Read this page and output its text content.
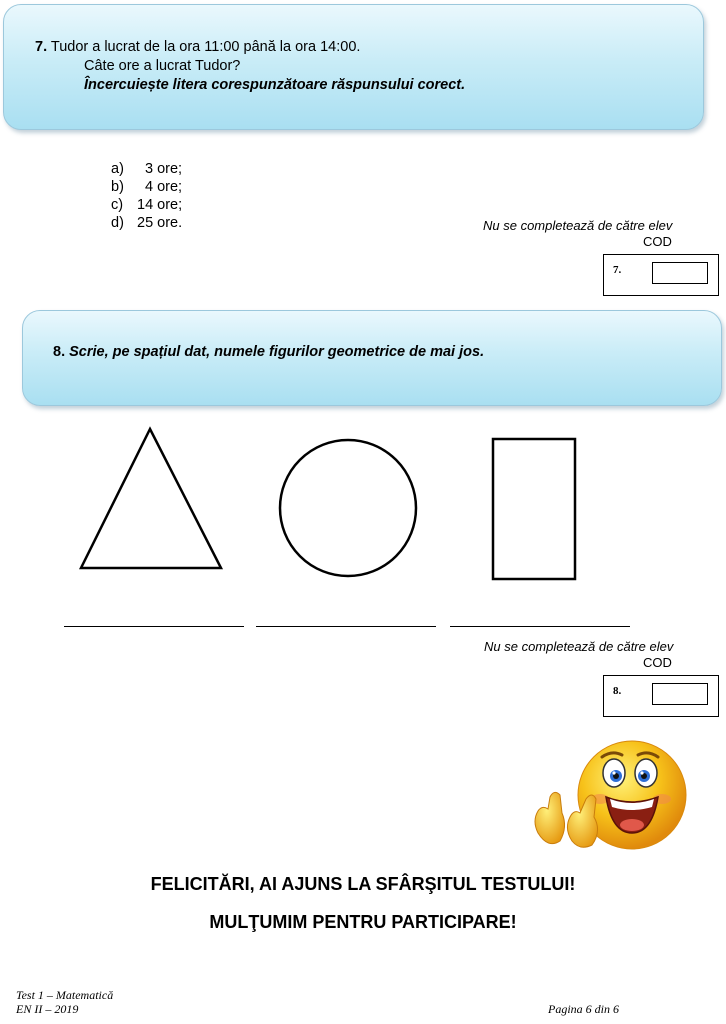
7. Tudor a lucrat de la ora 11:00 până la ora 14:00.
Câte ore a lucrat Tudor?
Încercuiește litera corespunzătoare răspunsului corect.
a)	3 ore;
b)	4 ore;
c) 14 ore;
d) 25 ore.	Nu se completează de către elev
COD
7.
8. Scrie, pe spațiul dat, numele figurilor geometrice de mai jos.
Nu se completează de către elev
COD
8.
FELICITĂRI, AI AJUNS LA SFÂRŞITUL TESTULUI!
MULŢUMIM PENTRU PARTICIPARE!
Test 1 – Matematică
EN II – 2019	Pagina 6 din 6
